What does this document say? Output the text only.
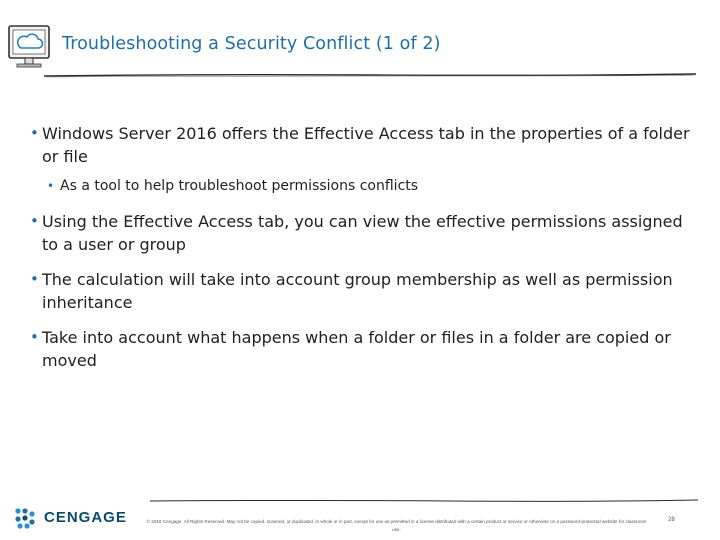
Troubleshooting a Security Conflict (1 of 2)
• Windows Server 2016 offers the Effective Access tab in the properties of a folder or file
• As a tool to help troubleshoot permissions conflicts
• Using the Effective Access tab, you can view the effective permissions assigned to a user or group
• The calculation will take into account group membership as well as permission inheritance
• Take into account what happens when a folder or files in a folder are copied or moved
CENGAGE	© 2018 Cengage. All Rights Reserved. May not be copied, scanned, or duplicated, in whole or in part, except for use as permitted in a license distributed with a certain product or service or otherwise on a password-protected website for classroom use.
28
